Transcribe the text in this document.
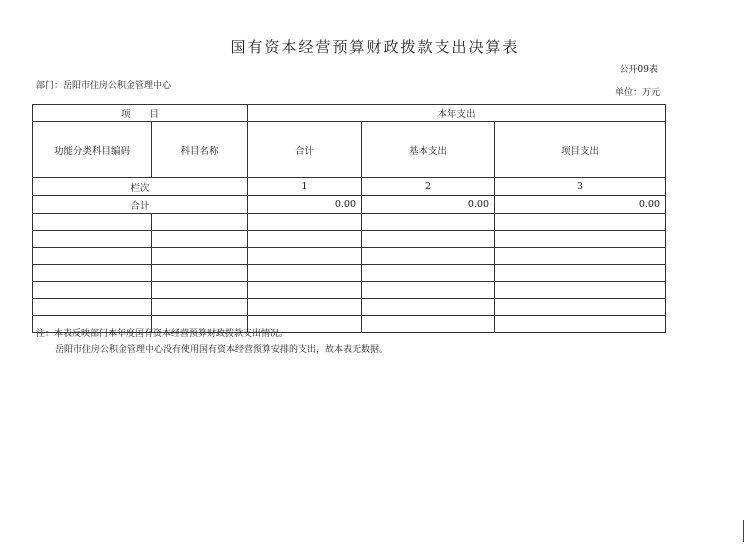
国有资本经营预算财政拨款支出决算表
公开09表
部门：岳阳市住房公积金管理中心
单位：万元
项　　目		本年支出		
功能分类科目编码	科目名称	合计	基本支出	项目支出
栏次		1	2	3
合计		0.00	0.00	0.00

注：本表反映部门本年度国有资本经营预算财政拨款支出情况。
岳阳市住房公积金管理中心没有使用国有资本经营预算安排的支出，故本表无数据。
